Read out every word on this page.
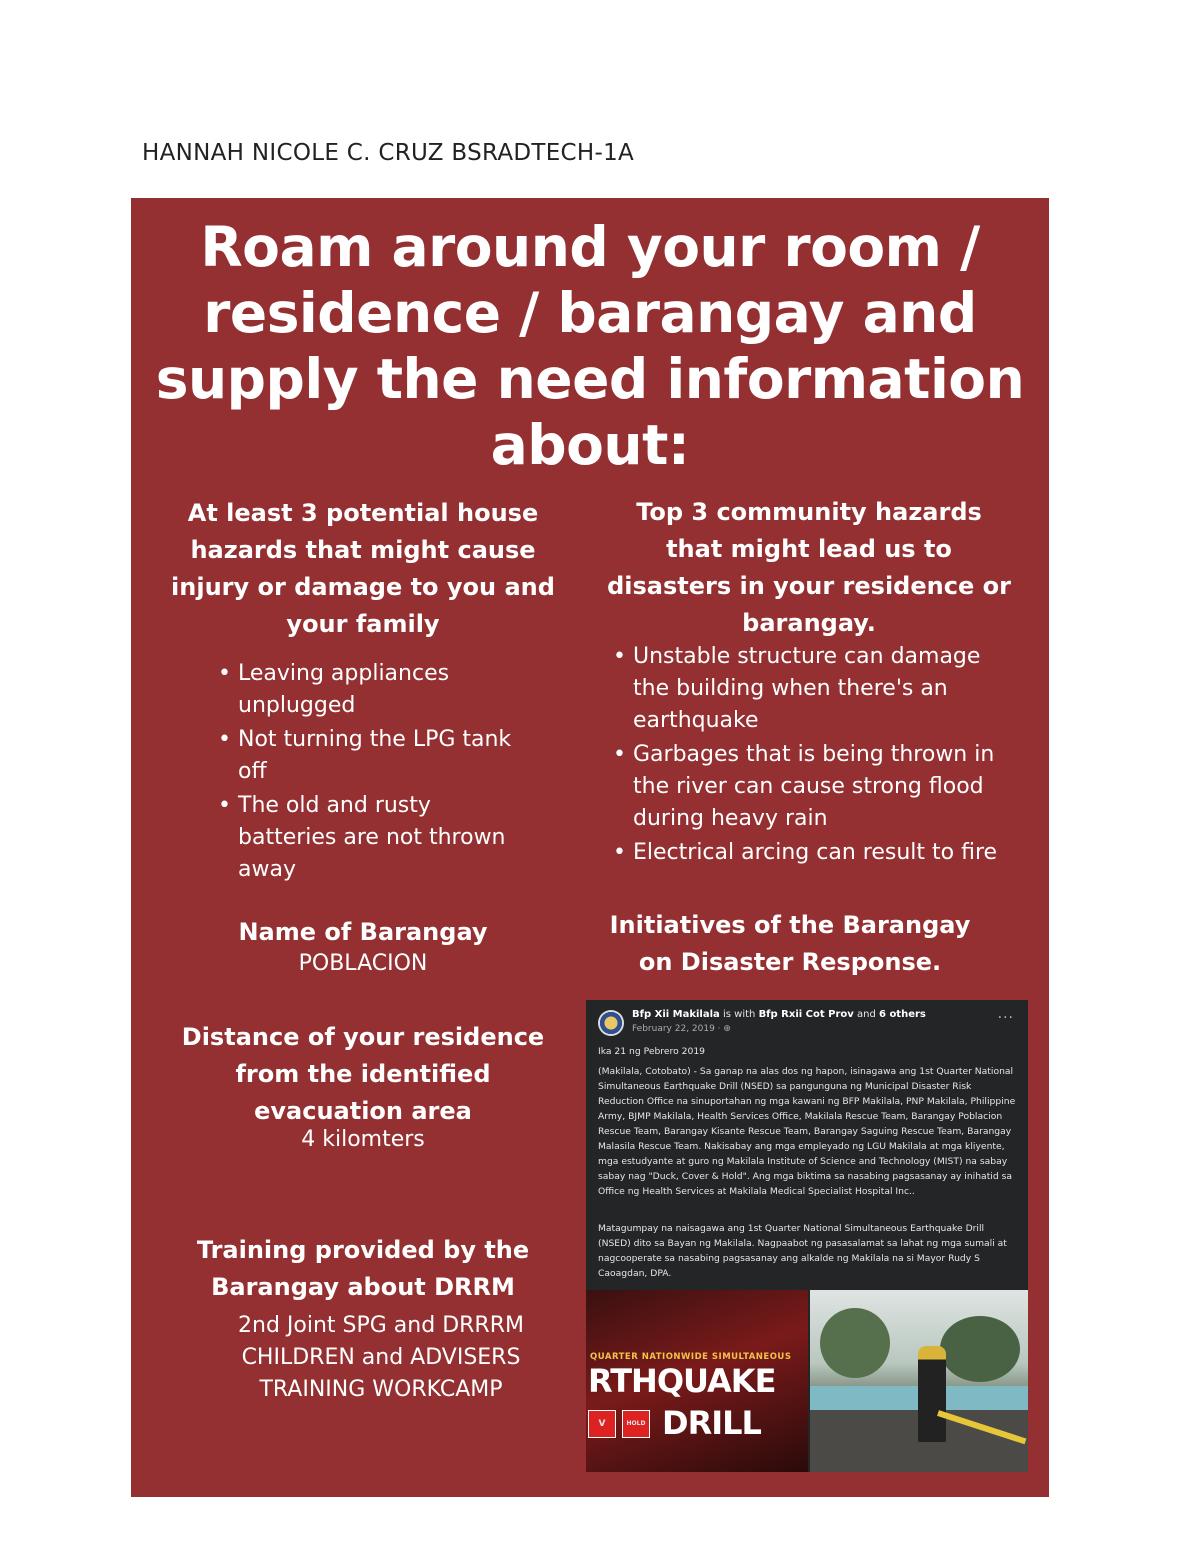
HANNAH NICOLE C. CRUZ BSRADTECH-1A
Roam around your room /
residence / barangay and
supply the need information
about:
At least 3 potential house
hazards that might cause
injury or damage to you and
your family
• Leaving appliances unplugged
• Not turning the LPG tank off
• The old and rusty batteries are not thrown away
Name of Barangay
POBLACION
Distance of your residence
from the identified
evacuation area
4 kilomters
Training provided by the
Barangay about DRRM
2nd Joint SPG and DRRRM
CHILDREN and ADVISERS
TRAINING WORKCAMP
Top 3 community hazards
that might lead us to
disasters in your residence or
barangay.
• Unstable structure can damage the building when there's an earthquake
• Garbages that is being thrown in the river can cause strong flood during heavy rain
• Electrical arcing can result to fire
Initiatives of the Barangay
on Disaster Response.
Bfp Xii Makilala is with Bfp Rxii Cot Prov and 6 others
February 22, 2019 · ⊕
···

Ika 21 ng Pebrero 2019

(Makilala, Cotobato) - Sa ganap na alas dos ng hapon, isinagawa ang 1st Quarter National Simultaneous Earthquake Drill (NSED) sa pangunguna ng Municipal Disaster Risk Reduction Office na sinuportahan ng mga kawani ng BFP Makilala, PNP Makilala, Philippine Army, BJMP Makilala, Health Services Office, Makilala Rescue Team, Barangay Poblacion Rescue Team, Barangay Kisante Rescue Team, Barangay Saguing Rescue Team, Barangay Malasila Rescue Team. Nakisabay ang mga empleyado ng LGU Makilala at mga kliyente, mga estudyante at guro ng Makilala Institute of Science and Technology (MIST) na sabay sabay nag "Duck, Cover & Hold". Ang mga biktima sa nasabing pagsasanay ay inihatid sa Office ng Health Services at Makilala Medical Specialist Hospital Inc..

Matagumpay na naisagawa ang 1st Quarter National Simultaneous Earthquake Drill (NSED) dito sa Bayan ng Makilala. Nagpaabot ng pasasalamat sa lahat ng mga sumali at nagcooperate sa nasabing pagsasanay ang alkalde ng Makilala na si Mayor Rudy S Caoagdan, DPA.

QUARTER NATIONWIDE SIMULTANEOUS
RTHQUAKE
V	HOLD DRILL
